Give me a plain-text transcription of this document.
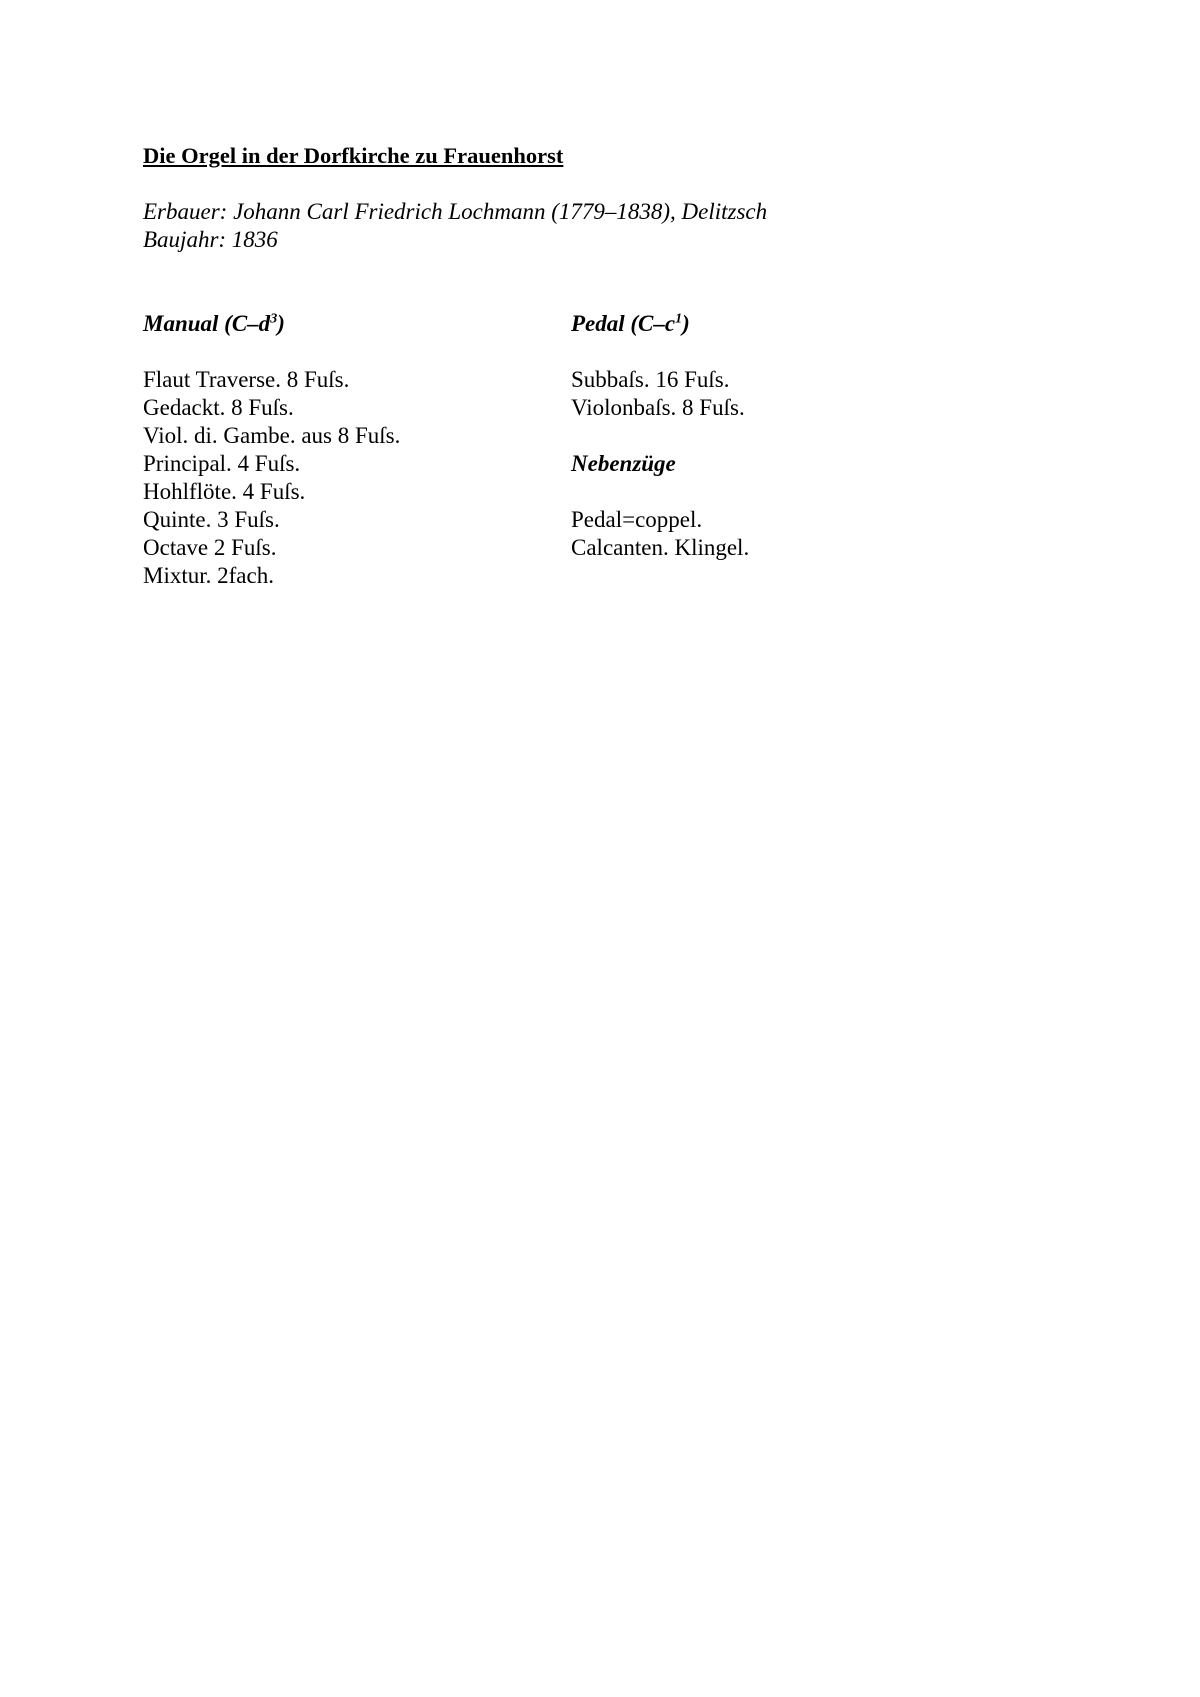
Die Orgel in der Dorfkirche zu Frauenhorst
Erbauer: Johann Carl Friedrich Lochmann (1779–1838), Delitzsch
Baujahr: 1836
Manual $(C-d^3)$
Flaut Traverse. 8 Fuſs.
Gedackt. 8 Fuſs.
Viol. di. Gambe. aus 8 Fuſs.
Principal. 4 Fuſs.
Hohlflöte. 4 Fuſs.
Quinte. 3 Fuſs.
Octave 2 Fuſs.
Mixtur. 2fach.
Pedal $(C-c^1)$
Subbaſs. 16 Fuſs.
Violonbaſs. 8 Fuſs.
Nebenzüge
Pedal=coppel.
Calcanten. Klingel.
